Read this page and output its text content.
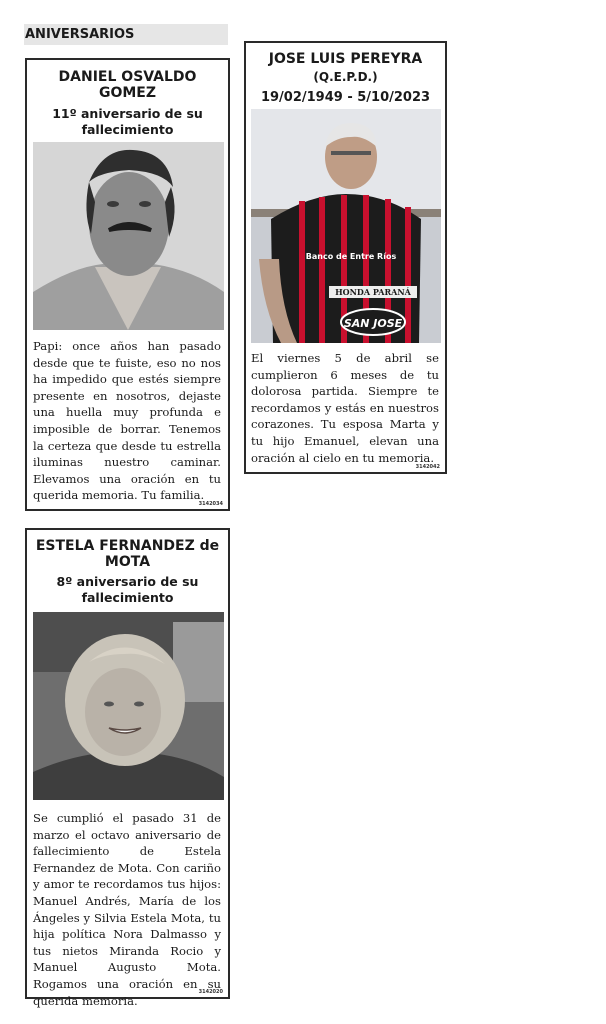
ANIVERSARIOS
DANIEL OSVALDO GOMEZ
11º aniversario de su fallecimiento
Papi: once años han pasado desde que te fuiste, eso no nos ha impedido que estés siempre presente en nosotros, dejaste una huella muy profunda e imposible de borrar. Tenemos la certeza que desde tu estrella iluminas nuestro caminar. Elevamos una oración en tu querida memoria. Tu familia.
3142034
JOSE LUIS PEREYRA
(Q.E.P.D.)
19/02/1949 - 5/10/2023
Banco de Entre Ríos
HONDA PARANÁ
SAN JOSE
El viernes 5 de abril se cumplieron 6 meses de tu dolorosa partida. Siempre te recordamos y estás en nuestros corazones. Tu esposa Marta y tu hijo Emanuel, elevan una oración al cielo en tu memoria.
3142042
ESTELA FERNANDEZ de MOTA
8º aniversario de su fallecimiento
Se cumplió el pasado 31 de marzo el octavo aniversario de fallecimiento de Estela Fernandez de Mota. Con cariño y amor te recordamos tus hijos: Manuel Andrés, María de los Ángeles y Silvia Estela Mota, tu hija política Nora Dalmasso y tus nietos Miranda Rocio y Manuel Augusto Mota. Rogamos una oración en su querida memoria.
3142020
